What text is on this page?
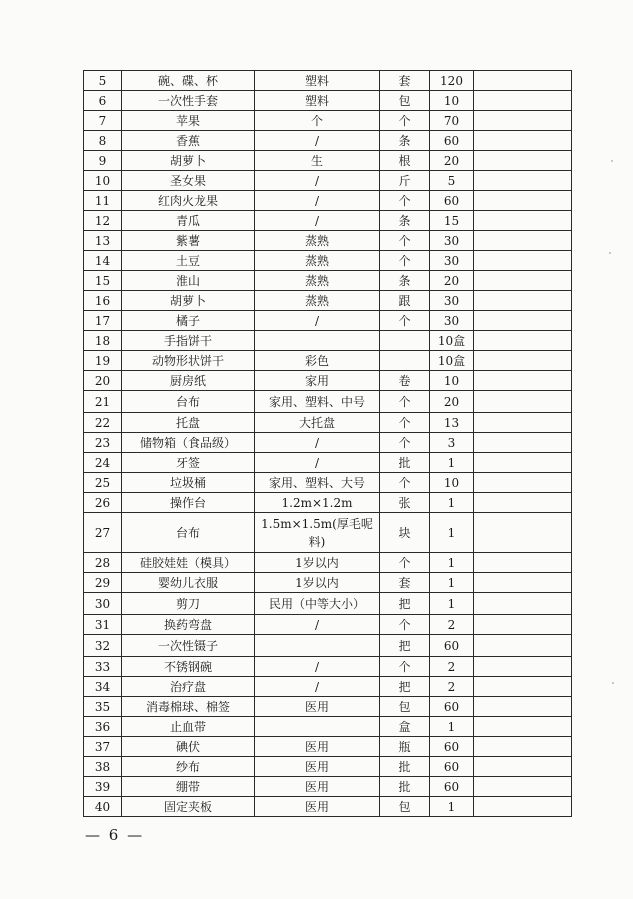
5	碗、碟、杯	塑料	套	120	
6	一次性手套	塑料	包	10	
7	苹果	个	个	70	
8	香蕉	/	条	60	
9	胡萝卜	生	根	20	
10	圣女果	/	斤	5	
11	红肉火龙果	/	个	60	
12	青瓜	/	条	15	
13	紫薯	蒸熟	个	30	
14	土豆	蒸熟	个	30	
15	淮山	蒸熟	条	20	
16	胡萝卜	蒸熟	跟	30	
17	橘子	/	个	30	
18	手指饼干			10盒	
19	动物形状饼干	彩色		10盒	
20	厨房纸	家用	卷	10	
21	台布	家用、塑料、中号	个	20	
22	托盘	大托盘	个	13	
23	储物箱（食品级）	/	个	3	
24	牙签	/	批	1	
25	垃圾桶	家用、塑料、大号	个	10	
26	操作台	1.2m×1.2m	张	1	
27	台布	1.5m×1.5m(厚毛呢料)	块	1	
28	硅胶娃娃（模具）	1岁以内	个	1	
29	婴幼儿衣服	1岁以内	套	1	
30	剪刀	民用（中等大小）	把	1	
31	换药弯盘	/	个	2	
32	一次性镊子		把	60	
33	不锈钢碗	/	个	2	
34	治疗盘	/	把	2	
35	消毒棉球、棉签	医用	包	60	
36	止血带		盒	1	
37	碘伏	医用	瓶	60	
38	纱布	医用	批	60	
39	绷带	医用	批	60	
40	固定夹板	医用	包	1	
— 6 —
